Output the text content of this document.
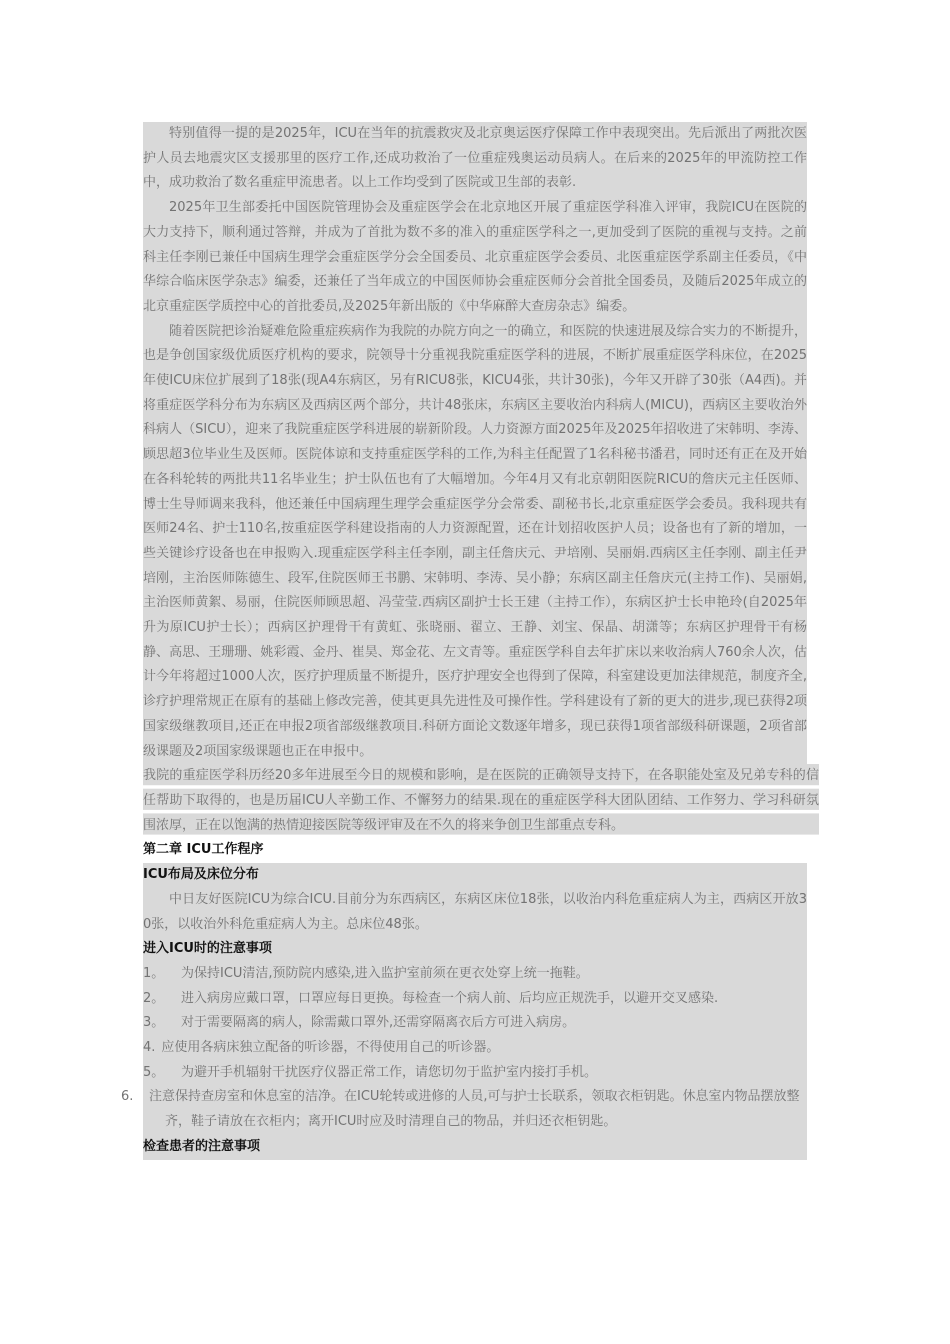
特别值得一提的是2025年，ICU在当年的抗震救灾及北京奥运医疗保障工作中表现突出。先后派出了两批次医护人员去地震灾区支援那里的医疗工作,还成功救治了一位重症残奥运动员病人。在后来的2025年的甲流防控工作中，成功救治了数名重症甲流患者。以上工作均受到了医院或卫生部的表彰.

2025年卫生部委托中国医院管理协会及重症医学会在北京地区开展了重症医学科准入评审，我院ICU在医院的大力支持下，顺利通过答辩，并成为了首批为数不多的准入的重症医学科之一,更加受到了医院的重视与支持。之前科主任李刚已兼任中国病生理学会重症医学分会全国委员、北京重症医学会委员、北医重症医学系副主任委员，《中华综合临床医学杂志》编委，还兼任了当年成立的中国医师协会重症医师分会首批全国委员，及随后2025年成立的北京重症医学质控中心的首批委员,及2025年新出版的《中华麻醉大查房杂志》编委。

随着医院把诊治疑难危险重症疾病作为我院的办院方向之一的确立，和医院的快速进展及综合实力的不断提升，也是争创国家级优质医疗机构的要求，院领导十分重视我院重症医学科的进展，不断扩展重症医学科床位，在2025年使ICU床位扩展到了18张(现A4东病区，另有RICU8张，KICU4张，共计30张)，今年又开辟了30张（A4西)。并将重症医学科分布为东病区及西病区两个部分，共计48张床，东病区主要收治内科病人(MICU)，西病区主要收治外科病人（SICU），迎来了我院重症医学科进展的崭新阶段。人力资源方面2025年及2025年招收进了宋韩明、李涛、顾思超3位毕业生及医师。医院体谅和支持重症医学科的工作,为科主任配置了1名科秘书潘君，同时还有正在及开始在各科轮转的两批共11名毕业生；护士队伍也有了大幅增加。今年4月又有北京朝阳医院RICU的詹庆元主任医师、博士生导师调来我科，他还兼任中国病理生理学会重症医学分会常委、副秘书长,北京重症医学会委员。我科现共有医师24名、护士110名,按重症医学科建设指南的人力资源配置，还在计划招收医护人员；设备也有了新的增加，一些关键诊疗设备也在申报购入.现重症医学科主任李刚，副主任詹庆元、尹培刚、吴丽娟.西病区主任李刚、副主任尹培刚，主治医师陈德生、段军,住院医师王书鹏、宋韩明、李涛、吴小静；东病区副主任詹庆元(主持工作)、吴丽娟,主治医师黄絮、易丽，住院医师顾思超、冯莹莹.西病区副护士长王建（主持工作），东病区护士长申艳玲(自2025年升为原ICU护士长）；西病区护理骨干有黄虹、张晓丽、翟立、王静、刘宝、保晶、胡潇等；东病区护理骨干有杨静、高思、王珊珊、姚彩霞、金丹、崔昊、郑金花、左文青等。重症医学科自去年扩床以来收治病人760余人次，估计今年将超过1000人次，医疗护理质量不断提升，医疗护理安全也得到了保障，科室建设更加法律规范，制度齐全,诊疗护理常规正在原有的基础上修改完善，使其更具先进性及可操作性。学科建设有了新的更大的进步,现已获得2项国家级继教项目,还正在申报2项省部级继教项目.科研方面论文数逐年增多，现已获得1项省部级科研课题，2项省部级课题及2项国家级课题也正在申报中。

我院的重症医学科历经20多年进展至今日的规模和影响，是在医院的正确领导支持下，在各职能处室及兄弟专科的信任帮助下取得的，也是历届ICU人辛勤工作、不懈努力的结果.现在的重症医学科大团队团结、工作努力、学习科研氛围浓厚，正在以饱满的热情迎接医院等级评审及在不久的将来争创卫生部重点专科。

第二章 ICU工作程序

ICU布局及床位分布

中日友好医院ICU为综合ICU.目前分为东西病区，东病区床位18张，以收治内科危重症病人为主，西病区开放30张，以收治外科危重症病人为主。总床位48张。

进入ICU时的注意事项

1。 为保持ICU清洁,预防院内感染,进入监护室前须在更衣处穿上统一拖鞋。

2。 进入病房应戴口罩，口罩应每日更换。每检查一个病人前、后均应正规洗手，以避开交叉感染.

3。 对于需要隔离的病人，除需戴口罩外,还需穿隔离衣后方可进入病房。

4. 应使用各病床独立配备的听诊器，不得使用自己的听诊器。

5。 为避开手机辐射干扰医疗仪器正常工作，请您切勿于监护室内接打手机。

6. 注意保持查房室和休息室的洁净。在ICU轮转或进修的人员,可与护士长联系，领取衣柜钥匙。休息室内物品摆放整齐，鞋子请放在衣柜内；离开ICU时应及时清理自己的物品，并归还衣柜钥匙。

检查患者的注意事项
